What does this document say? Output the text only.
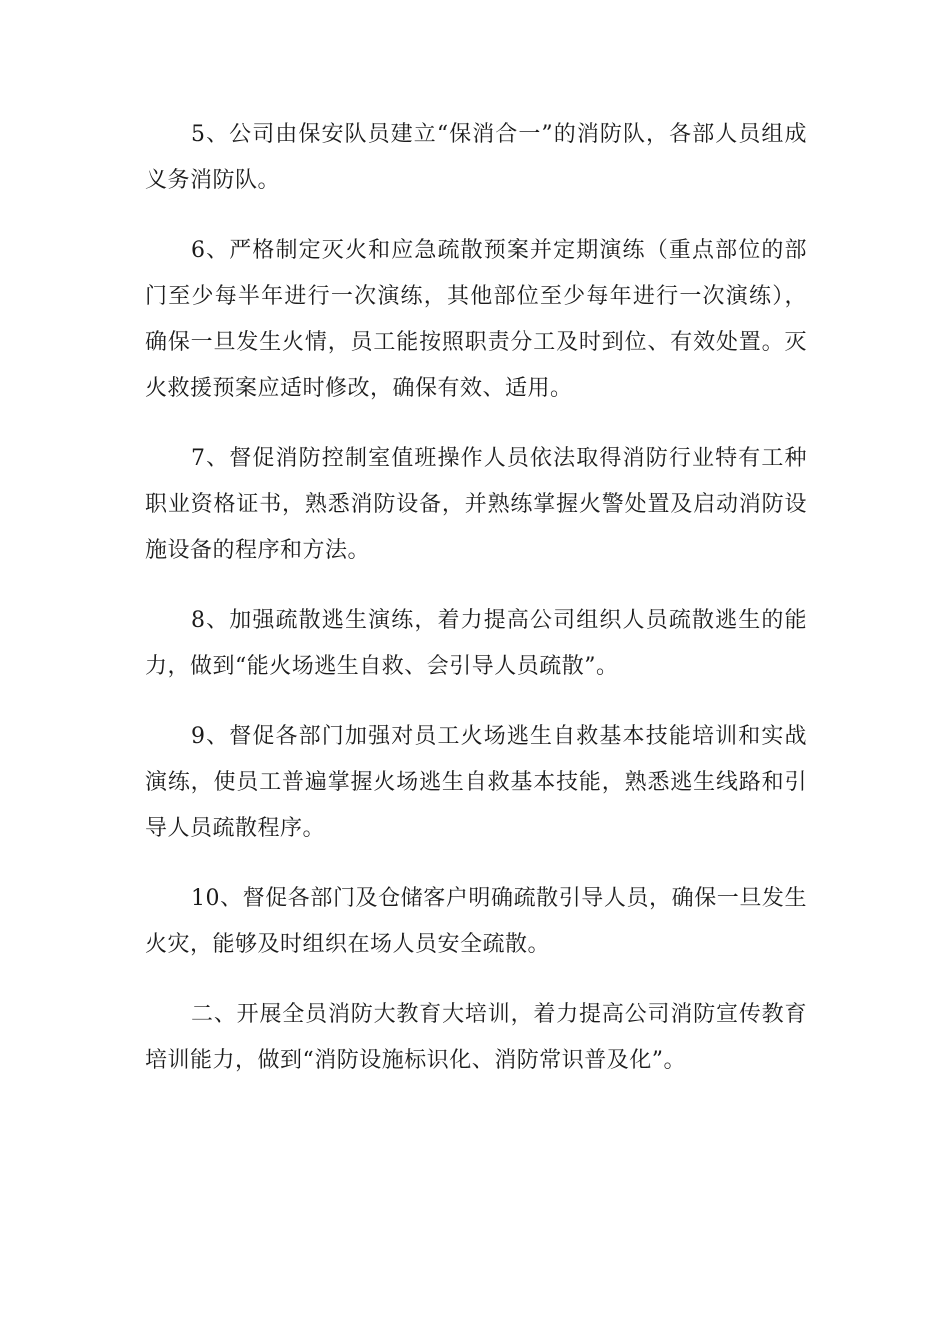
5、公司由保安队员建立“保消合一”的消防队，各部人员组成义务消防队。

6、严格制定灭火和应急疏散预案并定期演练（重点部位的部门至少每半年进行一次演练，其他部位至少每年进行一次演练），确保一旦发生火情，员工能按照职责分工及时到位、有效处置。灭火救援预案应适时修改，确保有效、适用。

7、督促消防控制室值班操作人员依法取得消防行业特有工种职业资格证书，熟悉消防设备，并熟练掌握火警处置及启动消防设施设备的程序和方法。

8、加强疏散逃生演练，着力提高公司组织人员疏散逃生的能力，做到“能火场逃生自救、会引导人员疏散”。

9、督促各部门加强对员工火场逃生自救基本技能培训和实战演练，使员工普遍掌握火场逃生自救基本技能，熟悉逃生线路和引导人员疏散程序。

10、督促各部门及仓储客户明确疏散引导人员，确保一旦发生火灾，能够及时组织在场人员安全疏散。

二、开展全员消防大教育大培训，着力提高公司消防宣传教育培训能力，做到“消防设施标识化、消防常识普及化”。
